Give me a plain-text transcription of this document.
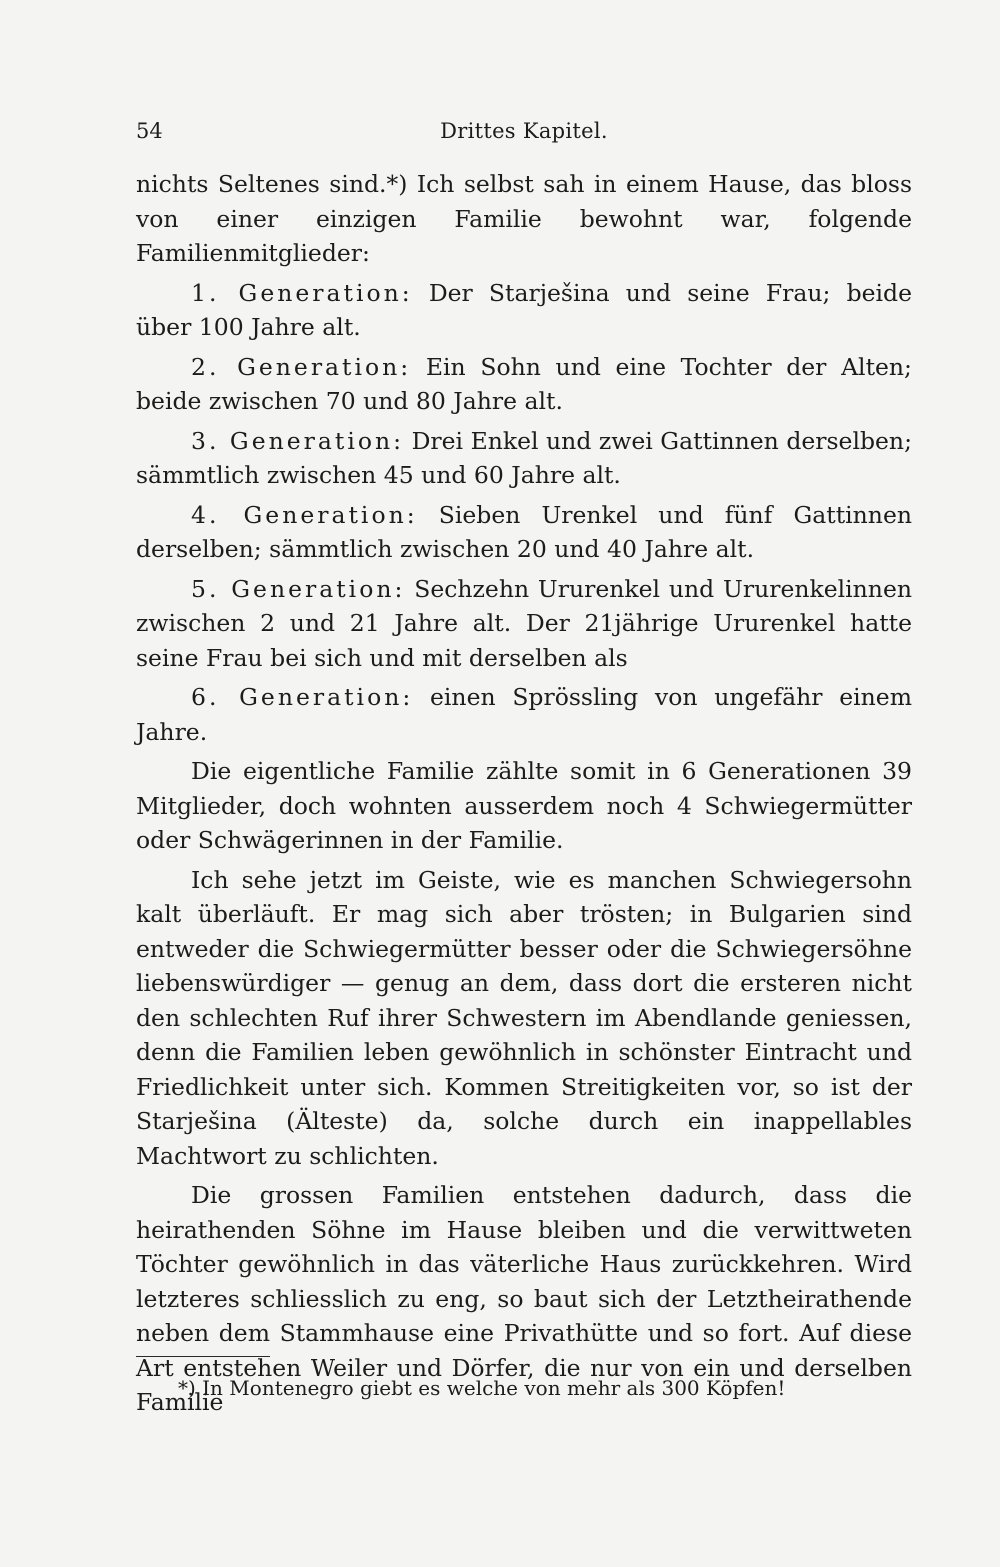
54	Drittes Kapitel.

nichts Seltenes sind.*) Ich selbst sah in einem Hause, das bloss von einer einzigen Familie bewohnt war, folgende Familienmitglieder:

1. Generation: Der Starješina und seine Frau; beide über 100 Jahre alt.

2. Generation: Ein Sohn und eine Tochter der Alten; beide zwischen 70 und 80 Jahre alt.

3. Generation: Drei Enkel und zwei Gattinnen derselben; sämmtlich zwischen 45 und 60 Jahre alt.

4. Generation: Sieben Urenkel und fünf Gattinnen derselben; sämmtlich zwischen 20 und 40 Jahre alt.

5. Generation: Sechzehn Ururenkel und Ururenkelinnen zwischen 2 und 21 Jahre alt. Der 21jährige Ururenkel hatte seine Frau bei sich und mit derselben als

6. Generation: einen Sprössling von ungefähr einem Jahre.

Die eigentliche Familie zählte somit in 6 Generationen 39 Mitglieder, doch wohnten ausserdem noch 4 Schwiegermütter oder Schwägerinnen in der Familie.

Ich sehe jetzt im Geiste, wie es manchen Schwiegersohn kalt überläuft. Er mag sich aber trösten; in Bulgarien sind entweder die Schwiegermütter besser oder die Schwiegersöhne liebenswürdiger — genug an dem, dass dort die ersteren nicht den schlechten Ruf ihrer Schwestern im Abendlande geniessen, denn die Familien leben gewöhnlich in schönster Eintracht und Friedlichkeit unter sich. Kommen Streitigkeiten vor, so ist der Starješina (Älteste) da, solche durch ein inappellables Machtwort zu schlichten.

Die grossen Familien entstehen dadurch, dass die heirathenden Söhne im Hause bleiben und die verwittweten Töchter gewöhnlich in das väterliche Haus zurückkehren. Wird letzteres schliesslich zu eng, so baut sich der Letztheirathende neben dem Stammhause eine Privathütte und so fort. Auf diese Art entstehen Weiler und Dörfer, die nur von ein und derselben Familie

*) In Montenegro giebt es welche von mehr als 300 Köpfen!
